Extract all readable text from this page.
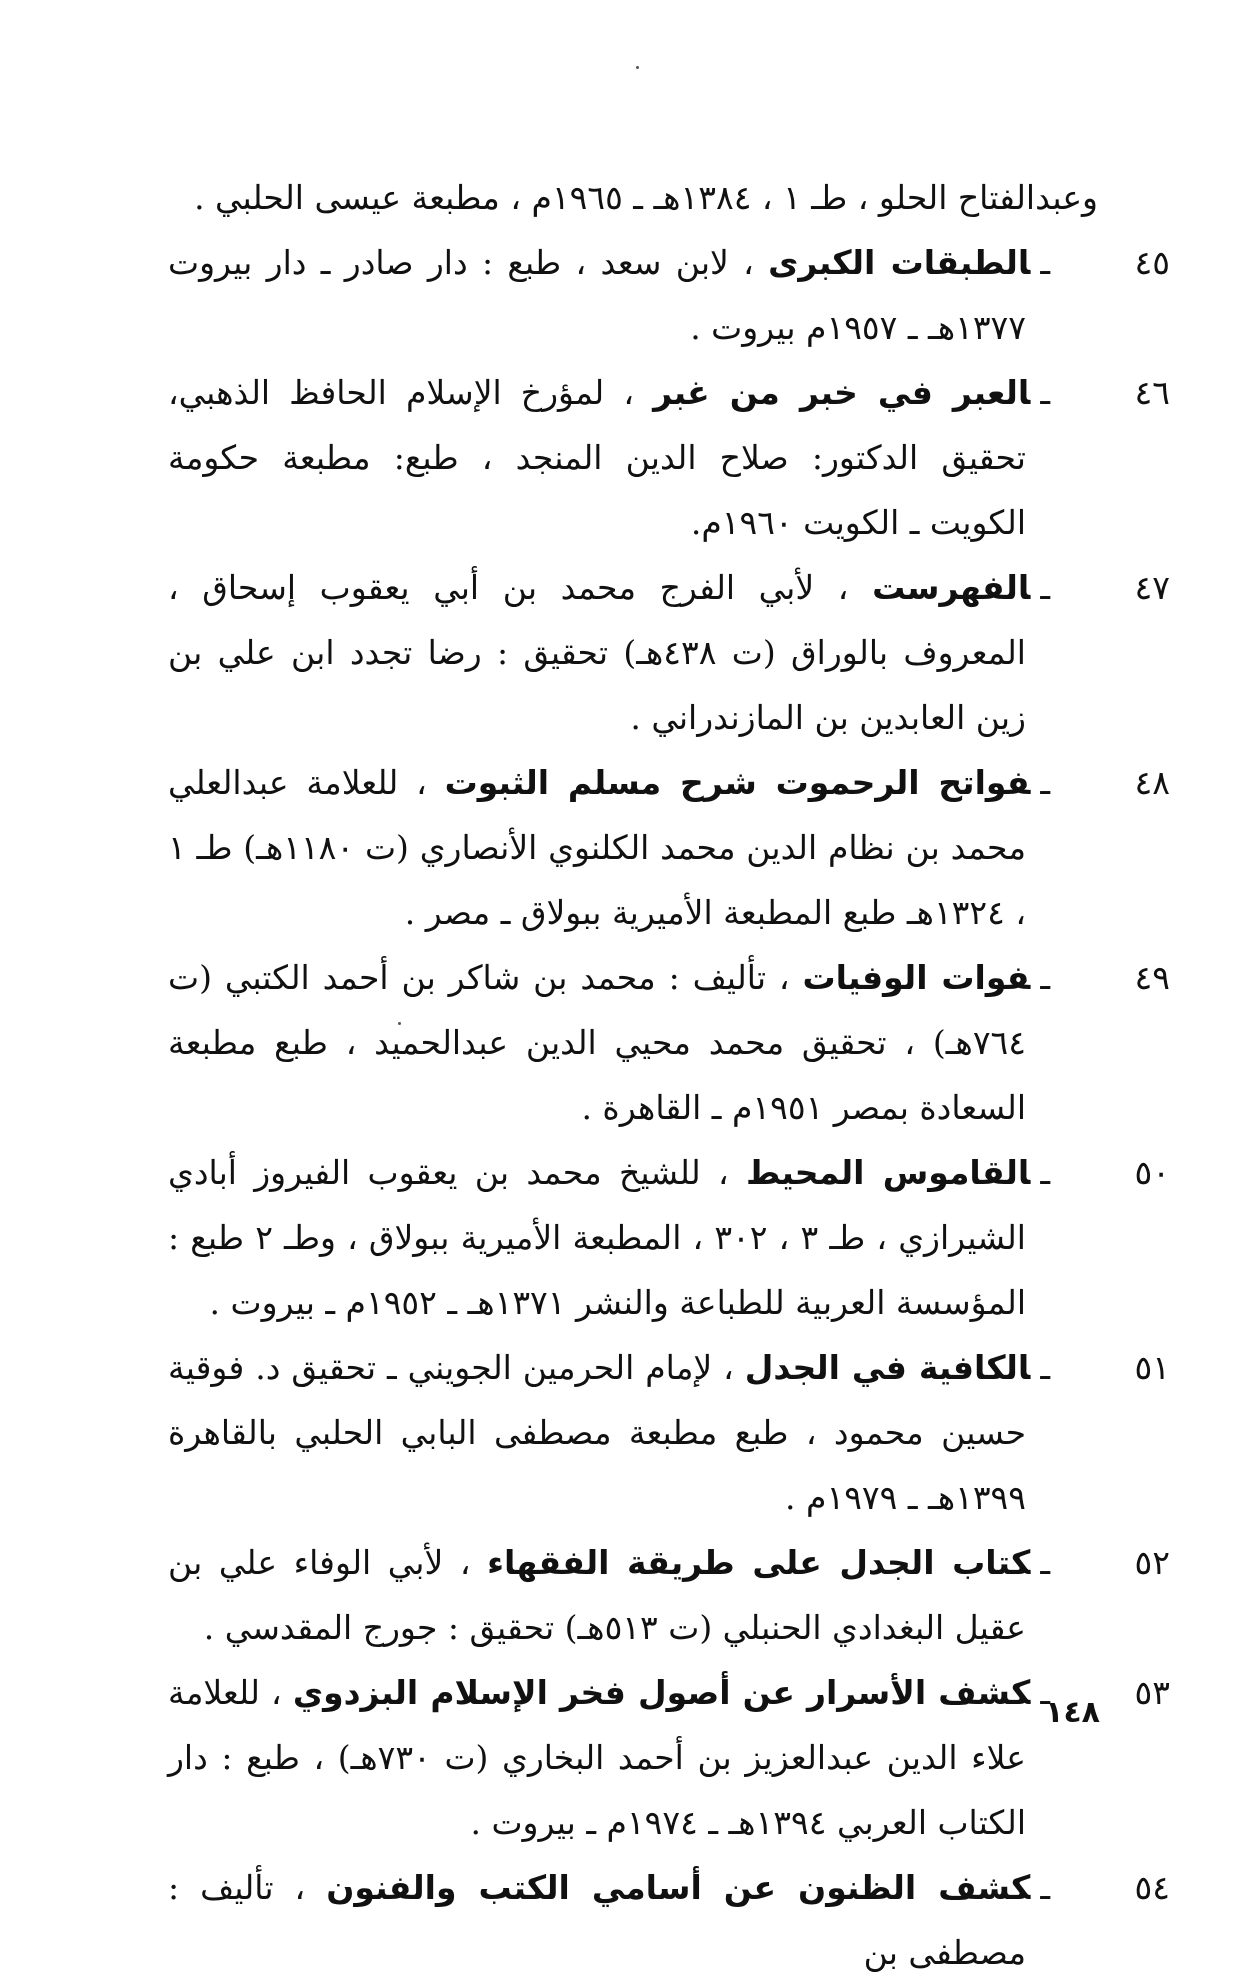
وعبدالفتاح الحلو ، طـ ١ ، ١٣٨٤هـ ـ ١٩٦٥م ، مطبعة عيسى الحلبي .

٤٥ـالطبقات الكبرى ، لابن سعد ، طبع : دار صادر ـ دار بيروت ١٣٧٧هـ ـ ١٩٥٧م بيروت .

٤٦ـالعبر في خبر من غبر ، لمؤرخ الإسلام الحافظ الذهبي، تحقيق الدكتور: صلاح الدين المنجد ، طبع: مطبعة حكومة الكويت ـ الكويت ١٩٦٠م.

٤٧ـالفهرست ، لأبي الفرج محمد بن أبي يعقوب إسحاق ، المعروف بالوراق (ت ٤٣٨هـ) تحقيق : رضا تجدد ابن علي بن زين العابدين بن المازندراني .

٤٨ـفواتح الرحموت شرح مسلم الثبوت ، للعلامة عبدالعلي محمد بن نظام الدين محمد الكلنوي الأنصاري (ت ١١٨٠هـ) طـ ١ ، ١٣٢٤هـ طبع المطبعة الأميرية ببولاق ـ مصر .

٤٩ـفوات الوفيات ، تأليف : محمد بن شاكر بن أحمد الكتبي (ت ٧٦٤هـ) ، تحقيق محمد محيي الدين عبدالحميد ، طبع مطبعة السعادة بمصر ١٩٥١م ـ القاهرة .

٥٠ـالقاموس المحيط ، للشيخ محمد بن يعقوب الفيروز أبادي الشيرازي ، طـ ٣ ، ٣٠٢ ، المطبعة الأميرية ببولاق ، وطـ ٢ طبع : المؤسسة العربية للطباعة والنشر ١٣٧١هـ ـ ١٩٥٢م ـ بيروت .

٥١ـالكافية في الجدل ، لإمام الحرمين الجويني ـ تحقيق د. فوقية حسين محمود ، طبع مطبعة مصطفى البابي الحلبي بالقاهرة ١٣٩٩هـ ـ ١٩٧٩م .

٥٢ـكتاب الجدل على طريقة الفقهاء ، لأبي الوفاء علي بن عقيل البغدادي الحنبلي (ت ٥١٣هـ) تحقيق : جورج المقدسي .

٥٣ـكشف الأسرار عن أصول فخر الإسلام البزدوي ، للعلامة علاء الدين عبدالعزيز بن أحمد البخاري (ت ٧٣٠هـ) ، طبع : دار الكتاب العربي ١٣٩٤هـ ـ ١٩٧٤م ـ بيروت .

٥٤ـكشف الظنون عن أسامي الكتب والفنون ، تأليف : مصطفى بن

١٤٨
